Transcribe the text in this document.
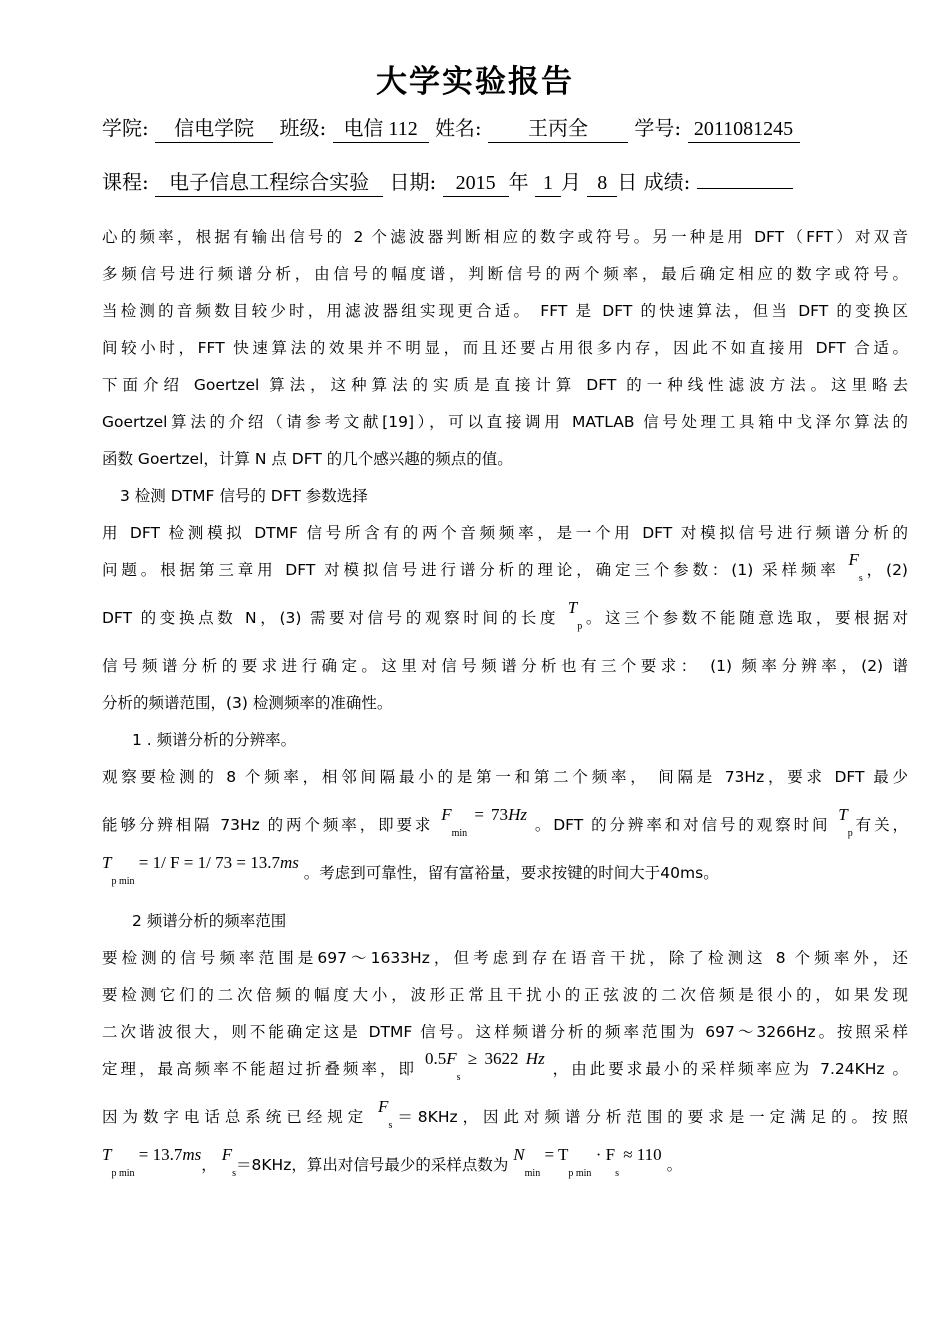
大学实验报告
学院: 信电学院 班级: 电信 112 姓名: 王丙全 学号: 2011081245
课程: 电子信息工程综合实验 日期: 2015 年 1 月 8 日 成绩:
心的频率，根据有输出信号的 2 个滤波器判断相应的数字或符号。另一种是用 DFT（FFT）对双音
多频信号进行频谱分析，由信号的幅度谱，判断信号的两个频率，最后确定相应的数字或符号。
当检测的音频数目较少时，用滤波器组实现更合适。 FFT 是 DFT 的快速算法，但当 DFT 的变换区
间较小时，FFT 快速算法的效果并不明显，而且还要占用很多内存，因此不如直接用 DFT 合适。
下面介绍 Goertzel 算法，这种算法的实质是直接计算 DFT 的一种线性滤波方法。这里略去
Goertzel算法的介绍（请参考文献[19]），可以直接调用 MATLAB 信号处理工具箱中戈泽尔算法的
函数 Goertzel，计算 N 点 DFT 的几个感兴趣的频点的值。
3 检测 DTMF 信号的 DFT 参数选择
用 DFT 检测模拟 DTMF 信号所含有的两个音频频率，是一个用 DFT 对模拟信号进行频谱分析的
问题。根据第三章用 DFT 对模拟信号进行谱分析的理论，确定三个参数：(1) 采样频率 $F_s$，(2)
DFT 的变换点数 N，(3) 需要对信号的观察时间的长度 $T_p$。这三个参数不能随意选取，要根据对
信号频谱分析的要求进行确定。这里对信号频谱分析也有三个要求： (1) 频率分辨率，(2) 谱
分析的频谱范围，(3) 检测频率的准确性。
1 . 频谱分析的分辨率。
观察要检测的 8 个频率，相邻间隔最小的是第一和第二个频率， 间隔是 73Hz，要求 DFT 最少
能够分辨相隔 73Hz 的两个频率，即要求 $F_{min} = 73Hz$ 。DFT 的分辨率和对信号的观察时间 $T_p$有关，
$T_{p min} = 1/$ F = 1/ 73 = 13.7ms 。考虑到可靠性，留有富裕量，要求按键的时间大于40ms。
2 频谱分析的频率范围
要检测的信号频率范围是697～1633Hz，但考虑到存在语音干扰，除了检测这 8 个频率外，还
要检测它们的二次倍频的幅度大小，波形正常且干扰小的正弦波的二次倍频是很小的，如果发现
二次谐波很大，则不能确定这是 DTMF 信号。这样频谱分析的频率范围为 697～3266Hz。按照采样
定理，最高频率不能超过折叠频率，即 $0.5F_s \ge 3622$ Hz ，由此要求最小的采样频率应为 7.24KHz 。
因为数字电话总系统已经规定 $F_s=8KHz$，因此对频谱分析范围的要求是一定满足的。按照
$T_{p min} = 13.7ms$， $F_s=8KHz$，算出对信号最少的采样点数为 $N_{min} = T_{p min} \cdot F_s \approx 110$ 。
